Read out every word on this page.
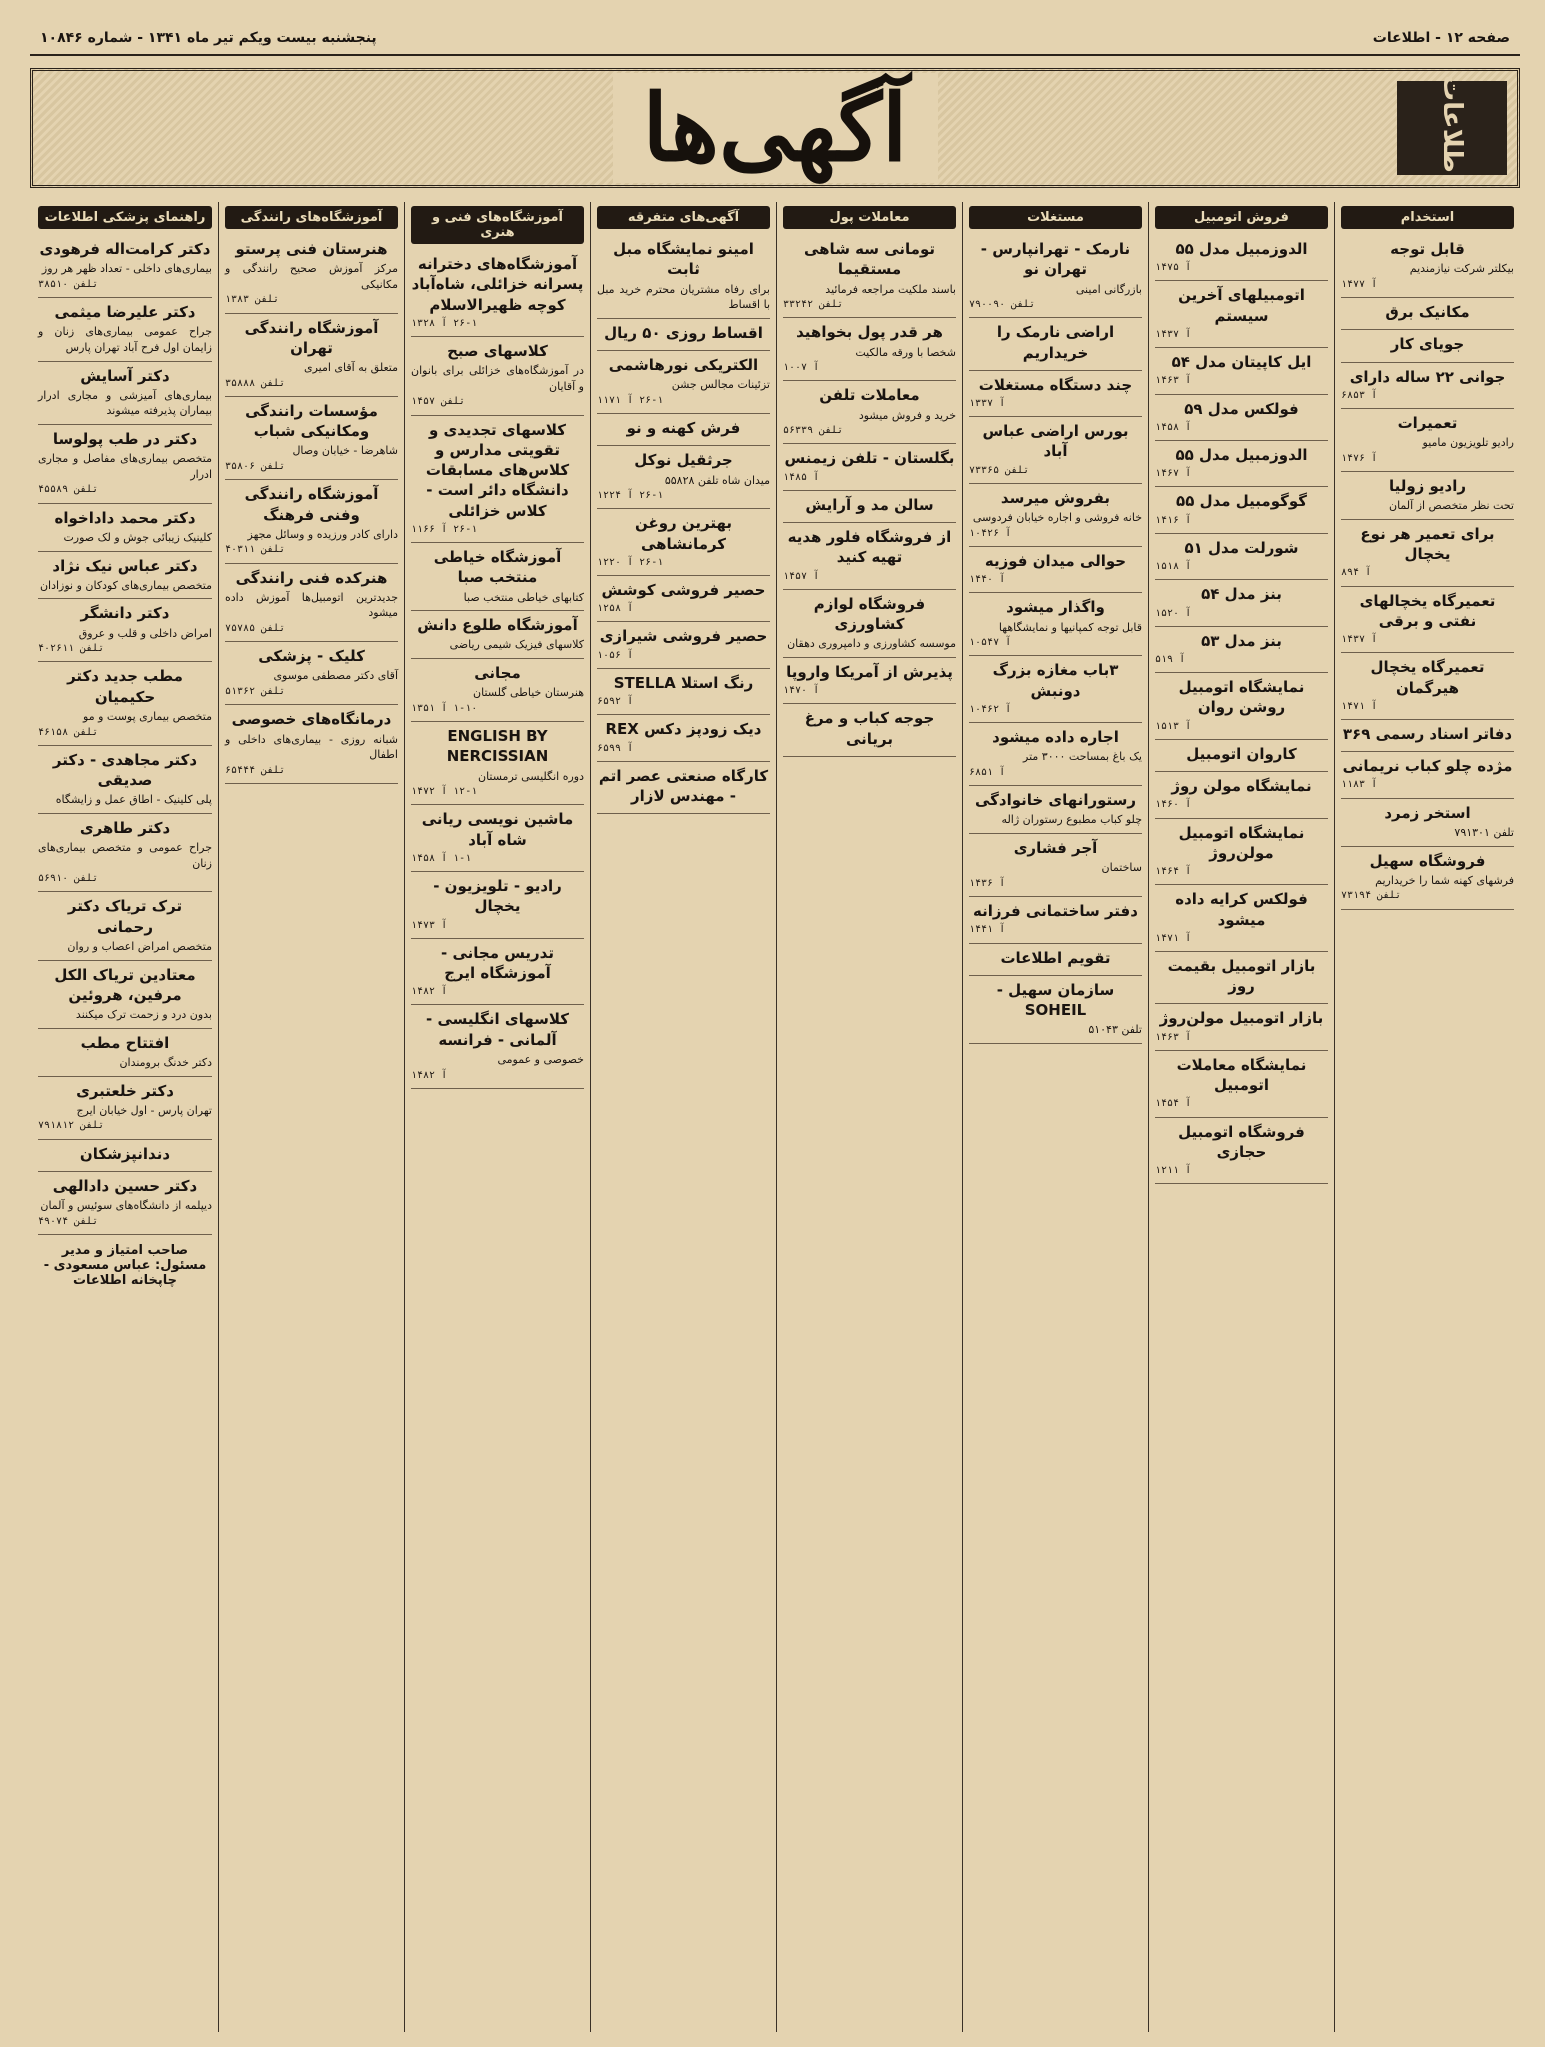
صفحه ۱۲ - اطلاعات
پنجشنبه بیست ویکم تیر ماه ۱۳۴۱ - شماره ۱۰۸۴۶
اطلاعات
آگهی‌ها
استخدام
قابل توجه
بیکلتر شرکت نیازمندیم
آ ۱۴۷۷
مکانیک برق
جویای کار
جوانی ۲۲ ساله دارای
آ ۶۸۵۳
تعمیرات
رادیو تلویزیون مامیو
آ ۱۴۷۶
رادیو زولیا
تحت نظر متخصص از آلمان
برای تعمیر هر نوع یخچال
آ ۸۹۴
تعمیرگاه یخچالهای نفتی و برقی
آ ۱۴۳۷
تعمیرگاه یخچال هیرگمان
آ ۱۴۷۱
دفاتر اسناد رسمی ۳۶۹
مژده چلو کباب نریمانی
آ ۱۱۸۳
استخر زمرد
تلفن ۷۹۱۳۰۱
فروشگاه سهیل
فرشهای کهنه شما را خریداریم
تلفن ۷۳۱۹۴
فروش اتومبیل
الدوزمبیل مدل ۵۵
آ ۱۴۷۵
اتومبیلهای آخرین سیستم
آ ۱۴۳۷
ایل کاپیتان مدل ۵۴
آ ۱۴۶۳
فولکس مدل ۵۹
آ ۱۴۵۸
الدوزمبیل مدل ۵۵
آ ۱۴۶۷
گوگومبیل مدل ۵۵
آ ۱۴۱۶
شورلت مدل ۵۱
آ ۱۵۱۸
بنز مدل ۵۴
آ ۱۵۲۰
بنز مدل ۵۳
آ ۵۱۹
نمایشگاه اتومبیل روشن روان
آ ۱۵۱۳
کاروان اتومبیل
نمایشگاه مولن روژ
آ ۱۴۶۰
نمایشگاه اتومبیل مولن‌روژ
آ ۱۴۶۴
فولکس کرایه داده میشود
آ ۱۴۷۱
بازار اتومبیل بقیمت روز
بازار اتومبیل مولن‌روژ
آ ۱۴۶۳
نمایشگاه معاملات اتومبیل
آ ۱۴۵۴
فروشگاه اتومبیل حجازی
آ ۱۲۱۱
مستغلات
نارمک - تهرانپارس - تهران نو
بازرگانی امینی
تلفن ۷۹۰۰۹۰
اراضی نارمک را خریداریم
چند دستگاه مستغلات
آ ۱۳۳۷
بورس اراضی عباس آباد
تلفن ۷۳۳۶۵
بفروش میرسد
خانه فروشی و اجاره خیابان فردوسی
آ ۱۰۴۲۶
حوالی میدان فوزیه
آ ۱۴۴۰
واگذار میشود
قابل توجه کمپانیها و نمایشگاهها
آ ۱۰۵۴۷
۳باب مغازه بزرگ دونبش
آ ۱۰۴۶۲
اجاره داده میشود
یک باغ بمساحت ۳۰۰۰ متر
آ ۶۸۵۱
رستورانهای خانوادگی
چلو کباب مطبوع رستوران ژاله
آجر فشاری
ساختمان
آ ۱۴۳۶
دفتر ساختمانی فرزانه
آ ۱۴۴۱
تقویم اطلاعات
سازمان سهیل - SOHEIL
تلفن ۵۱۰۴۳
معاملات پول
تومانی سه شاهی مستقیما
باسند ملکیت مراجعه فرمائید
تلفن ۳۳۲۴۲
هر قدر پول بخواهید
شخصا با ورقه مالکیت
آ ۱۰۰۷
معاملات تلفن
خرید و فروش میشود
تلفن ۵۶۳۳۹
بگلستان - تلفن زیمنس
آ ۱۴۸۵
سالن مد و آرایش
از فروشگاه فلور هدیه تهیه کنید
آ ۱۴۵۷
فروشگاه لوازم کشاورزی
موسسه کشاورزی و دامپروری دهقان
پذیرش از آمریکا واروپا
آ ۱۴۷۰
جوجه کباب و مرغ بریانی
آگهی‌های متفرقه
امینو نمایشگاه مبل ثابت
برای رفاه مشتریان محترم خرید مبل با اقساط
اقساط روزی ۵۰ ریال
الکتریکی نورهاشمی
تزئینات مجالس جشن
۲۶-۱ آ ۱۱۷۱
فرش کهنه و نو
جرثقیل نوکل
میدان شاه تلفن ۵۵۸۲۸
۲۶-۱ آ ۱۲۲۴
بهترین روغن کرمانشاهی
۲۶-۱ آ ۱۲۲۰
حصیر فروشی کوشش
آ ۱۲۵۸
حصیر فروشی شیرازی
آ ۱۰۵۶
رنگ استلا STELLA
آ ۶۵۹۲
دیک زودپز دکس REX
آ ۶۵۹۹
کارگاه صنعتی عصر اتم - مهندس لازار
آموزشگاه‌های فنی و هنری
آموزشگاه‌های دخترانه پسرانه خزائلی، شاه‌آباد کوچه ظهیرالاسلام
۲۶-۱ آ ۱۳۲۸
کلاسهای صبح
در آموزشگاه‌های خزائلی برای بانوان و آقایان
تلفن ۱۴۵۷
کلاسهای تجدیدی و تقویتی مدارس و کلاس‌های مسابقات دانشگاه دائر است - کلاس خزائلی
۲۶-۱ آ ۱۱۶۶
آموزشگاه خیاطی منتخب صبا
کتابهای خیاطی منتخب صبا
آموزشگاه طلوع دانش
کلاسهای فیزیک شیمی ریاضی
مجانی
هنرستان خیاطی گلستان
۱-۱۰ آ ۱۳۵۱
ENGLISH BY NERCISSIAN
دوره انگلیسی ترمستان
۱۲-۱ آ ۱۴۷۲
ماشین نویسی ریانی شاه آباد
۱-۱ آ ۱۴۵۸
رادیو - تلویزیون - یخچال
آ ۱۴۷۳
تدریس مجانی - آموزشگاه ایرج
آ ۱۴۸۲
کلاسهای انگلیسی - آلمانی - فرانسه
خصوصی و عمومی
آ ۱۴۸۲
آموزشگاه‌های رانندگی
هنرستان فنی پرستو
مرکز آموزش صحیح رانندگی و مکانیکی
تلفن ۱۳۸۳
آموزشگاه رانندگی تهران
متعلق به آقای امیری
تلفن ۳۵۸۸۸
مؤسسات رانندگی ومکانیکی شباب
شاهرضا - خیابان وصال
تلفن ۳۵۸۰۶
آموزشگاه رانندگی وفنی فرهنگ
دارای کادر ورزیده و وسائل مجهز
تلفن ۴۰۳۱۱
هنرکده فنی رانندگی
جدیدترین اتومبیل‌ها آموزش داده میشود
تلفن ۷۵۷۸۵
کلیک - پزشکی
آقای دکتر مصطفی موسوی
تلفن ۵۱۳۶۲
درمانگاه‌های خصوصی
شبانه روزی - بیماری‌های داخلی و اطفال
تلفن ۶۵۴۴۴
راهنمای پزشکی اطلاعات
دکتر کرامت‌اله فرهودی
بیماری‌های داخلی - تعداد ظهر هر روز
تلفن ۳۸۵۱۰
دکتر علیرضا میثمی
جراح عمومی بیماری‌های زنان و زایمان اول فرح آباد تهران پارس
دکتر آسایش
بیماری‌های آمیزشی و مجاری ادرار بیماران پذیرفته میشوند
دکتر در طب پولوسا
متخصص بیماری‌های مفاصل و مجاری ادرار
تلفن ۴۵۵۸۹
دکتر محمد داداخواه
کلینیک زیبائی جوش و لک صورت
دکتر عباس نیک نژاد
متخصص بیماری‌های کودکان و نوزادان
دکتر دانشگر
امراض داخلی و قلب و عروق
تلفن ۴۰۲۶۱۱
مطب جدید دکتر حکیمیان
متخصص بیماری پوست و مو
تلفن ۴۶۱۵۸
دکتر مجاهدی - دکتر صدیقی
پلی کلینیک - اطاق عمل و زایشگاه
دکتر طاهری
جراح عمومی و متخصص بیماری‌های زنان
تلفن ۵۶۹۱۰
ترک تریاک دکتر رحمانی
متخصص امراض اعصاب و روان
معتادین تریاک الکل مرفین، هروئین
بدون درد و زحمت ترک میکنند
افتتاح مطب
دکتر خدنگ برومندان
دکتر خلعتبری
تهران پارس - اول خیابان ایرج
تلفن ۷۹۱۸۱۲
دندانپزشکان
دکتر حسین دادالهی
دیپلمه از دانشگاه‌های سوئیس و آلمان
تلفن ۴۹۰۷۴
صاحب امتیاز و مدیر مسئول: عباس مسعودی - چاپخانه اطلاعات
